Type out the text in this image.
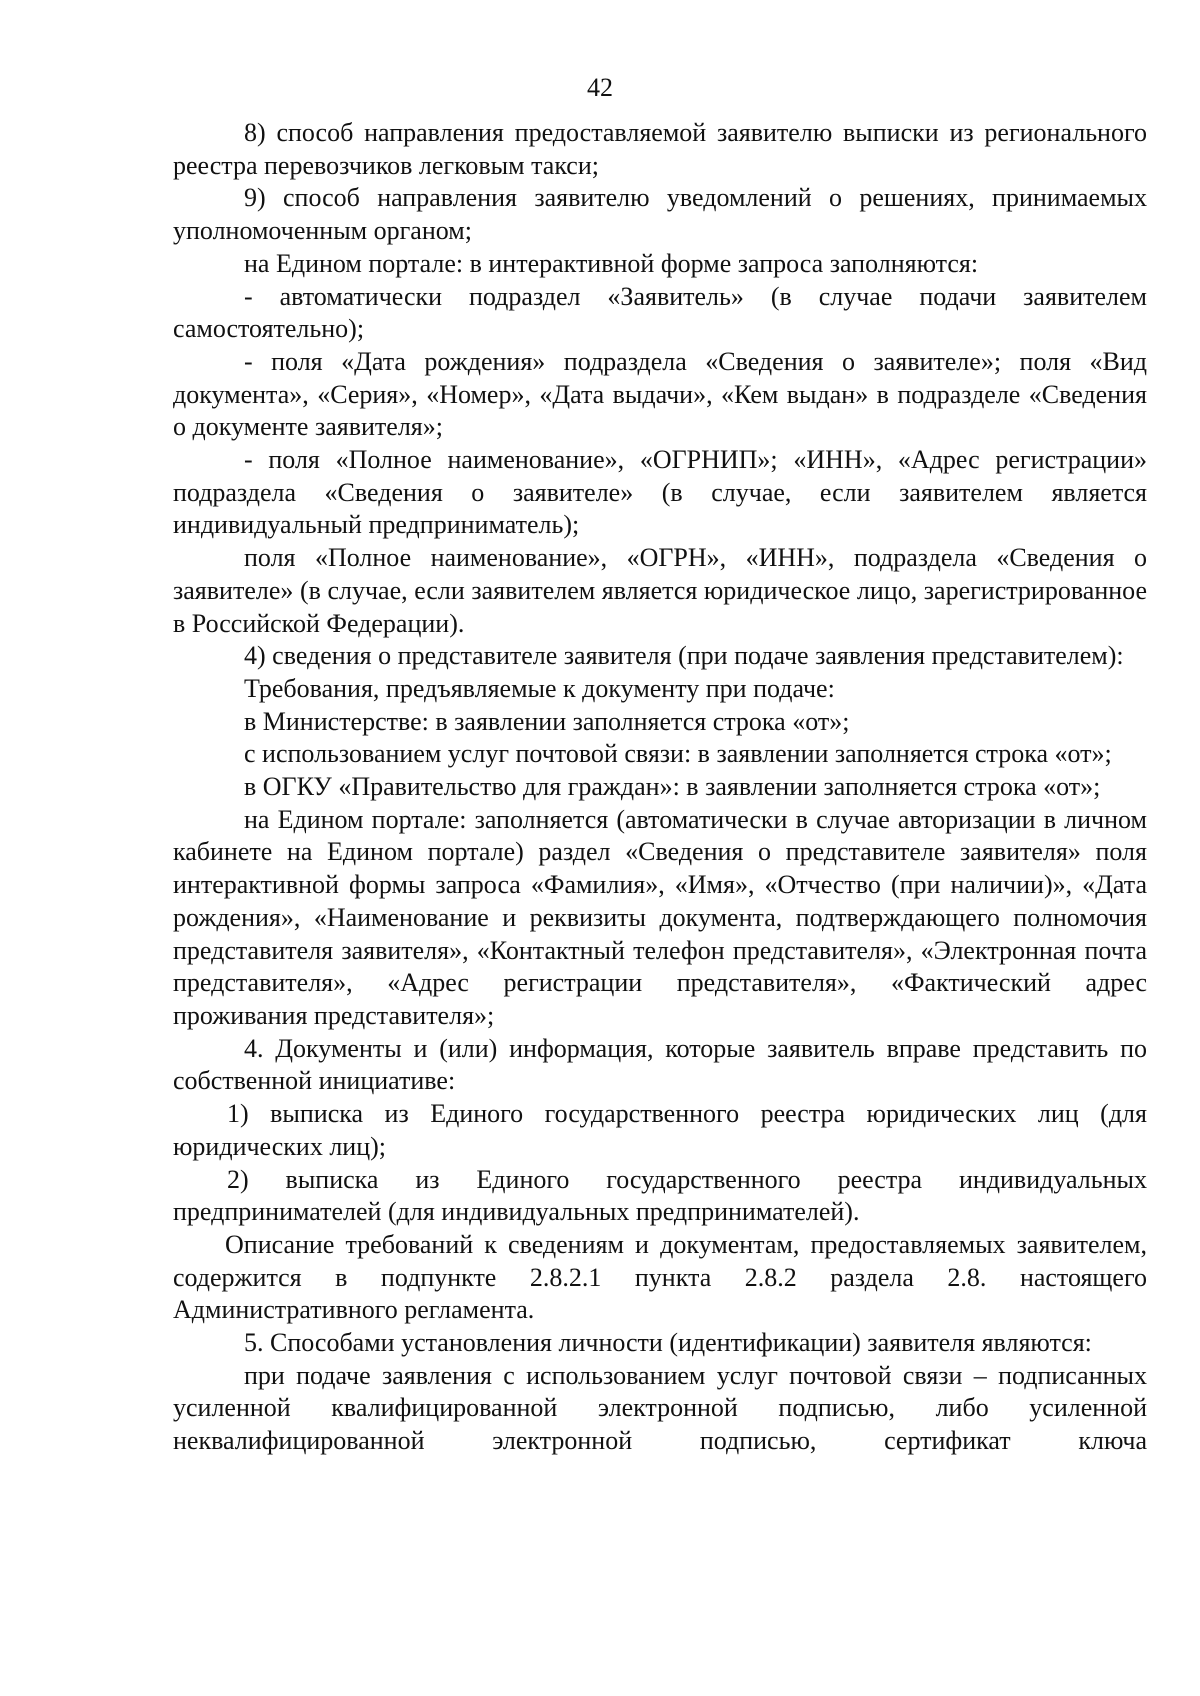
42

8) способ направления предоставляемой заявителю выписки из регионального реестра перевозчиков легковым такси;

9) способ направления заявителю уведомлений о решениях, принимаемых уполномоченным органом;

на Едином портале: в интерактивной форме запроса заполняются:

- автоматически подраздел «Заявитель» (в случае подачи заявителем самостоятельно);

- поля «Дата рождения» подраздела «Сведения о заявителе»; поля «Вид документа», «Серия», «Номер», «Дата выдачи», «Кем выдан» в подразделе «Сведения о документе заявителя»;

- поля «Полное наименование», «ОГРНИП»; «ИНН», «Адрес регистрации» подраздела «Сведения о заявителе» (в случае, если заявителем является индивидуальный предприниматель);

поля «Полное наименование», «ОГРН», «ИНН», подраздела «Сведения о заявителе» (в случае, если заявителем является юридическое лицо, зарегистрированное в Российской Федерации).

4) сведения о представителе заявителя (при подаче заявления представителем):

Требования, предъявляемые к документу при подаче:

в Министерстве: в заявлении заполняется строка «от»;

с использованием услуг почтовой связи: в заявлении заполняется строка «от»;

в ОГКУ «Правительство для граждан»: в заявлении заполняется строка «от»;

на Едином портале: заполняется (автоматически в случае авторизации в личном кабинете на Едином портале) раздел «Сведения о представителе заявителя» поля интерактивной формы запроса «Фамилия», «Имя», «Отчество (при наличии)», «Дата рождения», «Наименование и реквизиты документа, подтверждающего полномочия представителя заявителя», «Контактный телефон представителя», «Электронная почта представителя», «Адрес регистрации представителя», «Фактический адрес проживания представителя»;

4. Документы и (или) информация, которые заявитель вправе представить по собственной инициативе:

1) выписка из Единого государственного реестра юридических лиц (для юридических лиц);

2) выписка из Единого государственного реестра индивидуальных предпринимателей (для индивидуальных предпринимателей).

Описание требований к сведениям и документам, предоставляемых заявителем, содержится в подпункте 2.8.2.1 пункта 2.8.2 раздела 2.8. настоящего Административного регламента.

5. Способами установления личности (идентификации) заявителя являются:

при подаче заявления с использованием услуг почтовой связи – подписанных усиленной квалифицированной электронной подписью, либо усиленной неквалифицированной электронной подписью, сертификат ключа
